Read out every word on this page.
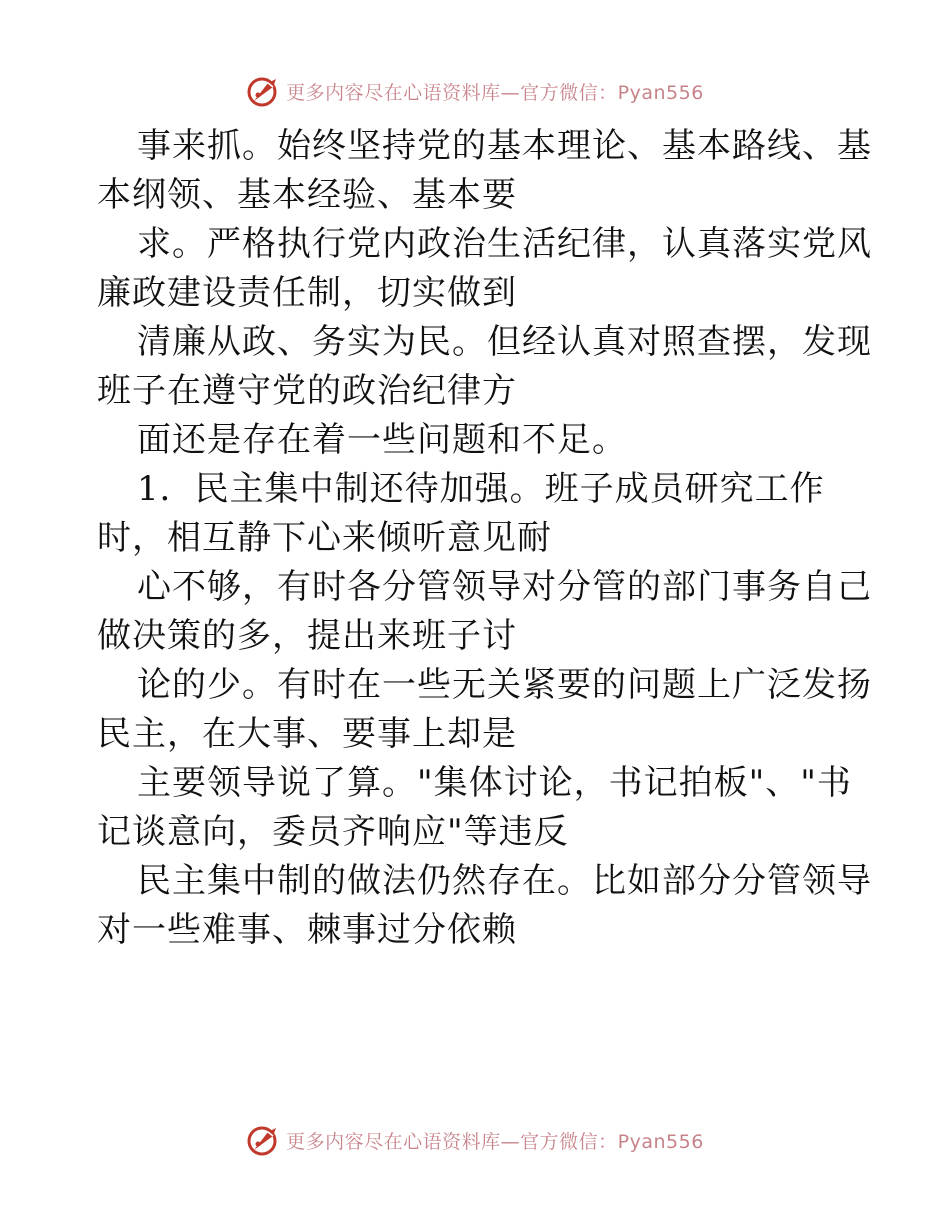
更多内容尽在心语资料库—官方微信：Pyan556
事来抓。始终坚持党的基本理论、基本路线、基
本纲领、基本经验、基本要
求。严格执行党内政治生活纪律，认真落实党风
廉政建设责任制，切实做到
清廉从政、务实为民。但经认真对照查摆，发现
班子在遵守党的政治纪律方
面还是存在着一些问题和不足。
1．民主集中制还待加强。班子成员研究工作
时，相互静下心来倾听意见耐
心不够，有时各分管领导对分管的部门事务自己
做决策的多，提出来班子讨
论的少。有时在一些无关紧要的问题上广泛发扬
民主，在大事、要事上却是
主要领导说了算。"集体讨论，书记拍板"、"书
记谈意向，委员齐响应"等违反
民主集中制的做法仍然存在。比如部分分管领导
对一些难事、棘事过分依赖
更多内容尽在心语资料库—官方微信：Pyan556
